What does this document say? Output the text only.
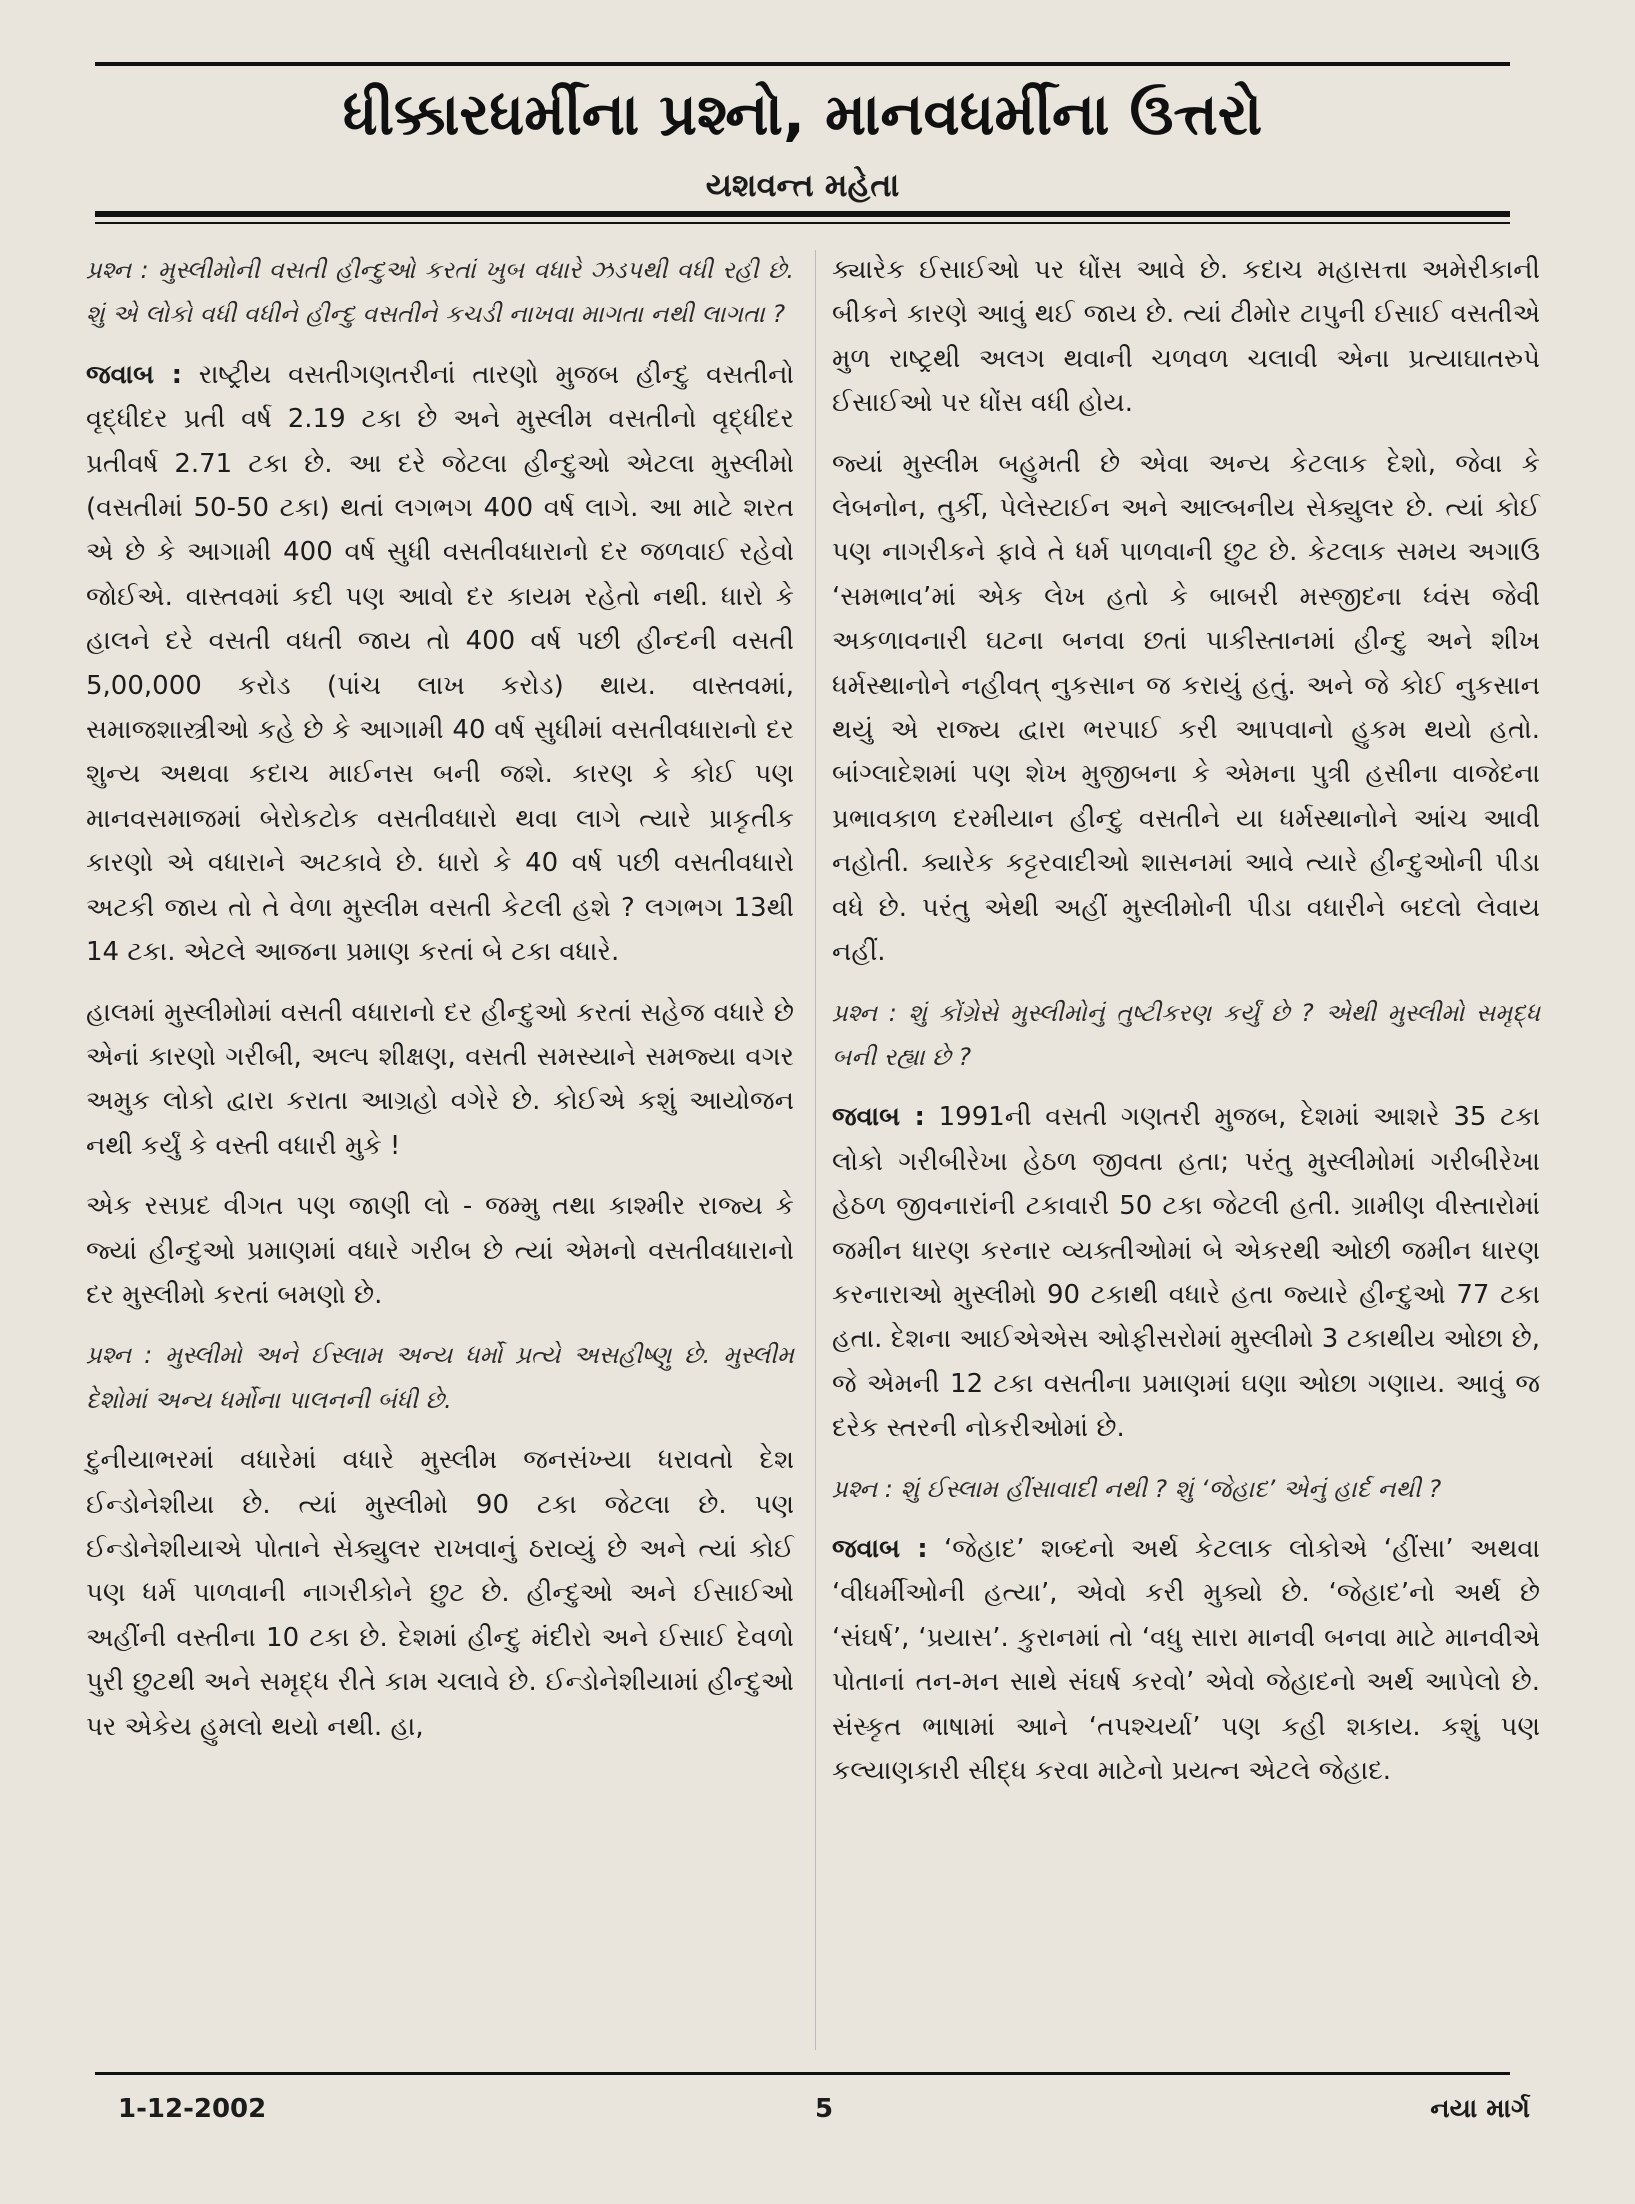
ધીક્કારધર્મીના પ્રશ્નો, માનવધર્મીના ઉત્તરો
યશવન્ત મહેતા

પ્રશ્ન : મુસ્લીમોની વસતી હીન્દુઓ કરતાં ખુબ વધારે ઝડપથી વધી રહી છે. શું એ લોકો વધી વધીને હીન્દુ વસતીને કચડી નાખવા માગતા નથી લાગતા ?

જવાબ : રાષ્ટ્રીય વસતીગણતરીનાં તારણો મુજબ હીન્દુ વસતીનો વૃદ્ધીદર પ્રતી વર્ષ 2.19 ટકા છે અને મુસ્લીમ વસતીનો વૃદ્ધીદર પ્રતીવર્ષ 2.71 ટકા છે. આ દરે જેટલા હીન્દુઓ એટલા મુસ્લીમો (વસતીમાં 50-50 ટકા) થતાં લગભગ 400 વર્ષ લાગે. આ માટે શરત એ છે કે આગામી 400 વર્ષ સુધી વસતીવધારાનો દર જળવાઈ રહેવો જોઈએ. વાસ્તવમાં કદી પણ આવો દર કાયમ રહેતો નથી. ધારો કે હાલને દરે વસતી વધતી જાય તો 400 વર્ષ પછી હીન્દની વસતી 5,00,000 કરોડ (પાંચ લાખ કરોડ) થાય. વાસ્તવમાં, સમાજશાસ્ત્રીઓ કહે છે કે આગામી 40 વર્ષ સુધીમાં વસતીવધારાનો દર શુન્ય અથવા કદાચ માઈનસ બની જશે. કારણ કે કોઈ પણ માનવસમાજમાં બેરોકટોક વસતીવધારો થવા લાગે ત્યારે પ્રાકૃતીક કારણો એ વધારાને અટકાવે છે. ધારો કે 40 વર્ષ પછી વસતીવધારો અટકી જાય તો તે વેળા મુસ્લીમ વસતી કેટલી હશે ? લગભગ 13થી 14 ટકા. એટલે આજના પ્રમાણ કરતાં બે ટકા વધારે.

હાલમાં મુસ્લીમોમાં વસતી વધારાનો દર હીન્દુઓ કરતાં સહેજ વધારે છે એનાં કારણો ગરીબી, અલ્પ શીક્ષણ, વસતી સમસ્યાને સમજ્યા વગર અમુક લોકો દ્વારા કરાતા આગ્રહો વગેરે છે. કોઈએ કશું આયોજન નથી કર્યું કે વસ્તી વધારી મુકે !

એક રસપ્રદ વીગત પણ જાણી લો - જમ્મુ તથા કાશ્મીર રાજ્ય કે જ્યાં હીન્દુઓ પ્રમાણમાં વધારે ગરીબ છે ત્યાં એમનો વસતીવધારાનો દર મુસ્લીમો કરતાં બમણો છે.

પ્રશ્ન : મુસ્લીમો અને ઈસ્લામ અન્ય ધર્મો પ્રત્યે અસહીષ્ણુ છે. મુસ્લીમ દેશોમાં અન્ય ધર્મોના પાલનની બંધી છે.

દુનીયાભરમાં વધારેમાં વધારે મુસ્લીમ જનસંખ્યા ધરાવતો દેશ ઈન્ડોનેશીયા છે. ત્યાં મુસ્લીમો 90 ટકા જેટલા છે. પણ ઈન્ડોનેશીયાએ પોતાને સેક્યુલર રાખવાનું ઠરાવ્યું છે અને ત્યાં કોઈ પણ ધર્મ પાળવાની નાગરીકોને છુટ છે. હીન્દુઓ અને ઈસાઈઓ અહીંની વસ્તીના 10 ટકા છે. દેશમાં હીન્દુ મંદીરો અને ઈસાઈ દેવળો પુરી છુટથી અને સમૃદ્ધ રીતે કામ ચલાવે છે. ઈન્ડોનેશીયામાં હીન્દુઓ પર એકેય હુમલો થયો નથી. હા,

ક્યારેક ઈસાઈઓ પર ધોંસ આવે છે. કદાચ મહાસત્તા અમેરીકાની બીકને કારણે આવું થઈ જાય છે. ત્યાં ટીમોર ટાપુની ઈસાઈ વસતીએ મુળ રાષ્ટ્રથી અલગ થવાની ચળવળ ચલાવી એના પ્રત્યાઘાતરુપે ઈસાઈઓ પર ધોંસ વધી હોય.

જ્યાં મુસ્લીમ બહુમતી છે એવા અન્ય કેટલાક દેશો, જેવા કે લેબનોન, તુર્કી, પેલેસ્ટાઈન અને આલ્બનીય સેક્યુલર છે. ત્યાં કોઈ પણ નાગરીકને ફાવે તે ધર્મ પાળવાની છુટ છે. કેટલાક સમય અગાઉ ‘સમભાવ’માં એક લેખ હતો કે બાબરી મસ્જીદના ધ્વંસ જેવી અકળાવનારી ઘટના બનવા છતાં પાકીસ્તાનમાં હીન્દુ અને શીખ ધર્મસ્થાનોને નહીવત્ નુકસાન જ કરાયું હતું. અને જે કોઈ નુકસાન થયું એ રાજ્ય દ્વારા ભરપાઈ કરી આપવાનો હુકમ થયો હતો. બાંગ્લાદેશમાં પણ શેખ મુજીબના કે એમના પુત્રી હસીના વાજેદના પ્રભાવકાળ દરમીયાન હીન્દુ વસતીને યા ધર્મસ્થાનોને આંચ આવી નહોતી. ક્યારેક કટ્ટરવાદીઓ શાસનમાં આવે ત્યારે હીન્દુઓની પીડા વધે છે. પરંતુ એથી અહીં મુસ્લીમોની પીડા વધારીને બદલો લેવાય નહીં.

પ્રશ્ન : શું કોંગ્રેસે મુસ્લીમોનું તુષ્ટીકરણ કર્યું છે ? એથી મુસ્લીમો સમૃદ્ધ બની રહ્યા છે ?

જવાબ : 1991ની વસતી ગણતરી મુજબ, દેશમાં આશરે 35 ટકા લોકો ગરીબીરેખા હેઠળ જીવતા હતા; પરંતુ મુસ્લીમોમાં ગરીબીરેખા હેઠળ જીવનારાંની ટકાવારી 50 ટકા જેટલી હતી. ગ્રામીણ વીસ્તારોમાં જમીન ધારણ કરનાર વ્યક્તીઓમાં બે એકરથી ઓછી જમીન ધારણ કરનારાઓ મુસ્લીમો 90 ટકાથી વધારે હતા જ્યારે હીન્દુઓ 77 ટકા હતા. દેશના આઈએએસ ઓફીસરોમાં મુસ્લીમો 3 ટકાથીય ઓછા છે, જે એમની 12 ટકા વસતીના પ્રમાણમાં ઘણા ઓછા ગણાય. આવું જ દરેક સ્તરની નોકરીઓમાં છે.

પ્રશ્ન : શું ઈસ્લામ હીંસાવાદી નથી ? શું ‘જેહાદ’ એનું હાર્દ નથી ?

જવાબ : ‘જેહાદ’ શબ્દનો અર્થ કેટલાક લોકોએ ‘હીંસા’ અથવા ‘વીધર્મીઓની હત્યા’, એવો કરી મુક્યો છે. ‘જેહાદ’નો અર્થ છે ‘સંઘર્ષ’, ‘પ્રયાસ’. કુરાનમાં તો ‘વધુ સારા માનવી બનવા માટે માનવીએ પોતાનાં તન-મન સાથે સંઘર્ષ કરવો’ એવો જેહાદનો અર્થ આપેલો છે. સંસ્કૃત ભાષામાં આને ‘તપશ્ચર્યા’ પણ કહી શકાય. કશું પણ કલ્યાણકારી સીદ્ધ કરવા માટેનો પ્રયત્ન એટલે જેહાદ.

1-12-2002	5	નયા માર્ગ
